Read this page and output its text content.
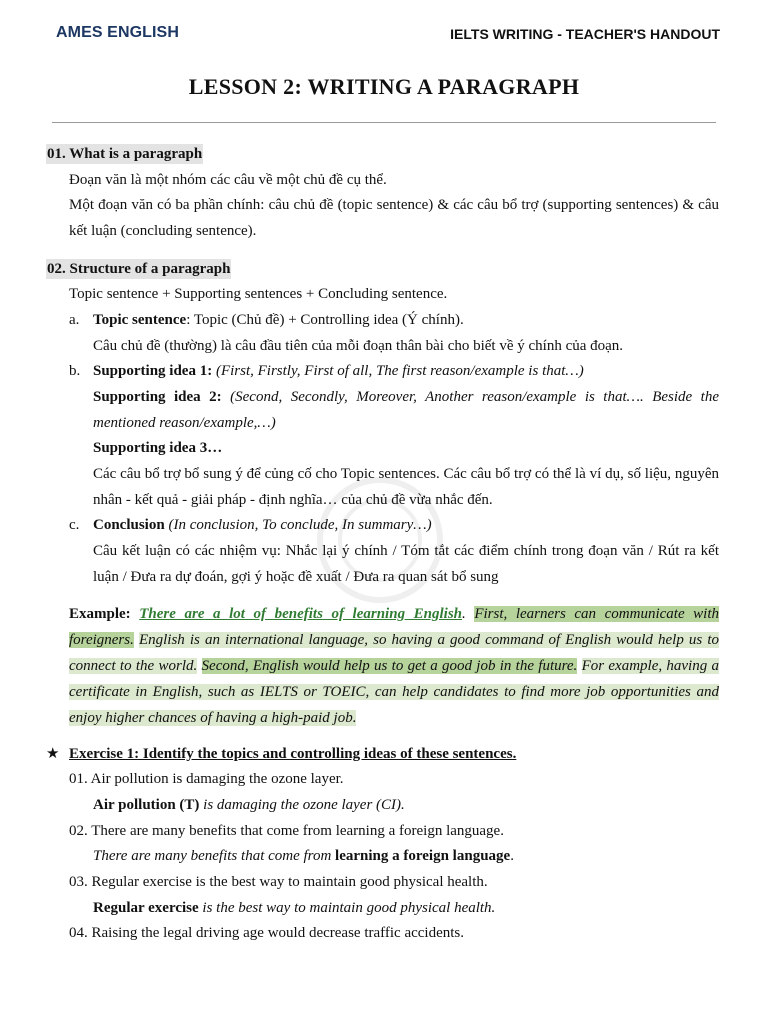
AMES ENGLISH	IELTS WRITING - TEACHER'S HANDOUT
LESSON 2: WRITING A PARAGRAPH
01. What is a paragraph
Đoạn văn là một nhóm các câu về một chủ đề cụ thể.
Một đoạn văn có ba phần chính: câu chủ đề (topic sentence) & các câu bổ trợ (supporting sentences) & câu kết luận (concluding sentence).
02. Structure of a paragraph
Topic sentence + Supporting sentences + Concluding sentence.
a. Topic sentence: Topic (Chủ đề) + Controlling idea (Ý chính).
Câu chủ đề (thường) là câu đầu tiên của mỗi đoạn thân bài cho biết về ý chính của đoạn.
b. Supporting idea 1: (First, Firstly, First of all, The first reason/example is that…)
Supporting idea 2: (Second, Secondly, Moreover, Another reason/example is that…. Beside the mentioned reason/example,…)
Supporting idea 3…
Các câu bổ trợ bổ sung ý để củng cố cho Topic sentences. Các câu bổ trợ có thể là ví dụ, số liệu, nguyên nhân - kết quả - giải pháp - định nghĩa… của chủ đề vừa nhắc đến.
c. Conclusion (In conclusion, To conclude, In summary…)
Câu kết luận có các nhiệm vụ: Nhắc lại ý chính / Tóm tắt các điểm chính trong đoạn văn / Rút ra kết luận / Đưa ra dự đoán, gợi ý hoặc đề xuất / Đưa ra quan sát bổ sung
Example: There are a lot of benefits of learning English. First, learners can communicate with foreigners. English is an international language, so having a good command of English would help us to connect to the world. Second, English would help us to get a good job in the future. For example, having a certificate in English, such as IELTS or TOEIC, can help candidates to find more job opportunities and enjoy higher chances of having a high-paid job.
★ Exercise 1: Identify the topics and controlling ideas of these sentences.
01. Air pollution is damaging the ozone layer.
Air pollution (T) is damaging the ozone layer (CI).
02. There are many benefits that come from learning a foreign language.
There are many benefits that come from learning a foreign language.
03. Regular exercise is the best way to maintain good physical health.
Regular exercise is the best way to maintain good physical health.
04. Raising the legal driving age would decrease traffic accidents.
